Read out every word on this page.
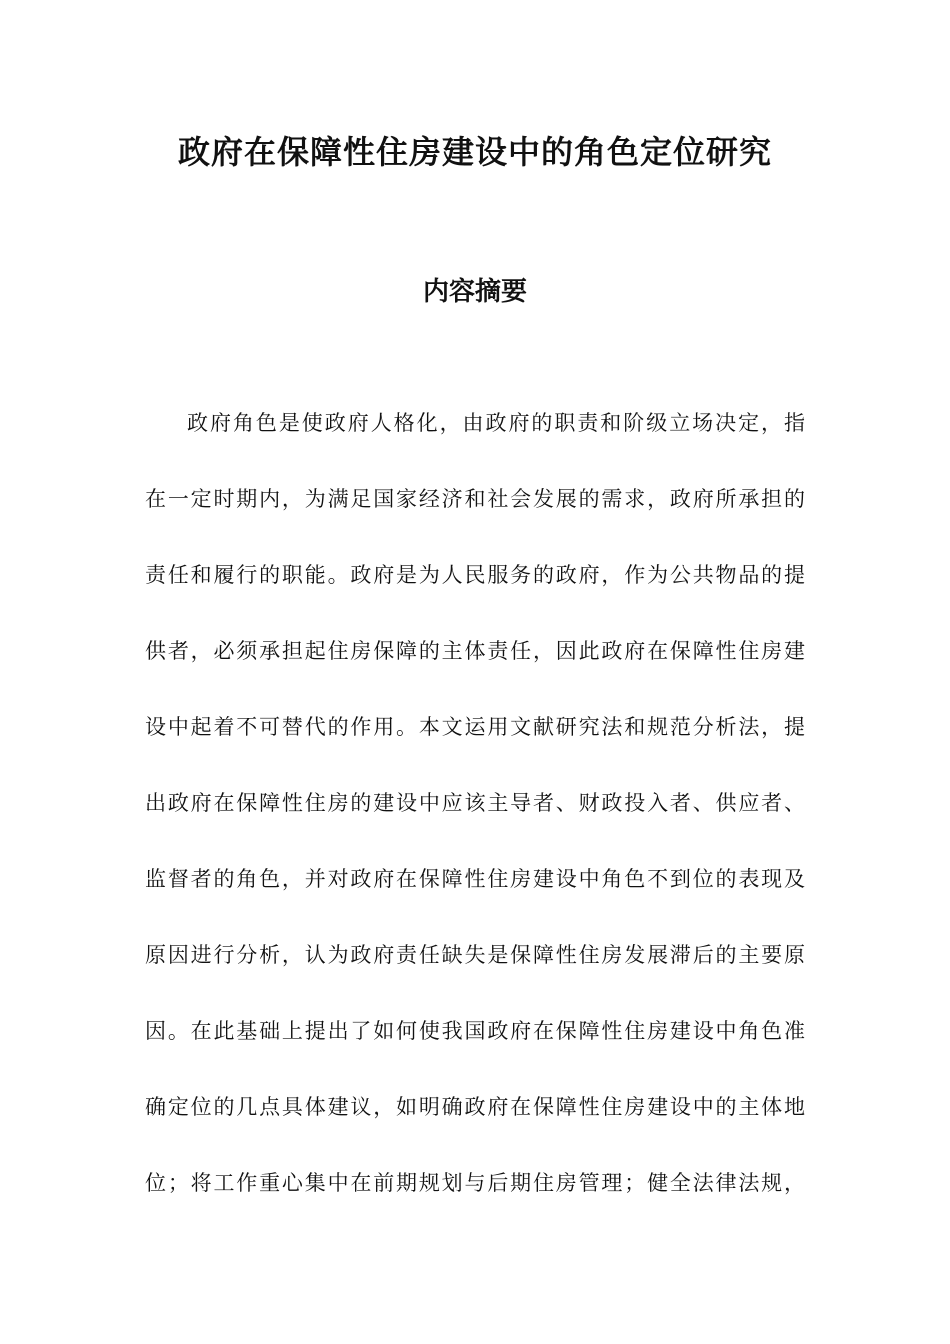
政府在保障性住房建设中的角色定位研究
内容摘要
政府角色是使政府人格化，由政府的职责和阶级立场决定，指
在一定时期内，为满足国家经济和社会发展的需求，政府所承担的
责任和履行的职能。政府是为人民服务的政府，作为公共物品的提
供者，必须承担起住房保障的主体责任，因此政府在保障性住房建
设中起着不可替代的作用。本文运用文献研究法和规范分析法，提
出政府在保障性住房的建设中应该主导者、财政投入者、供应者、
监督者的角色，并对政府在保障性住房建设中角色不到位的表现及
原因进行分析，认为政府责任缺失是保障性住房发展滞后的主要原
因。在此基础上提出了如何使我国政府在保障性住房建设中角色准
确定位的几点具体建议，如明确政府在保障性住房建设中的主体地
位；将工作重心集中在前期规划与后期住房管理；健全法律法规，
